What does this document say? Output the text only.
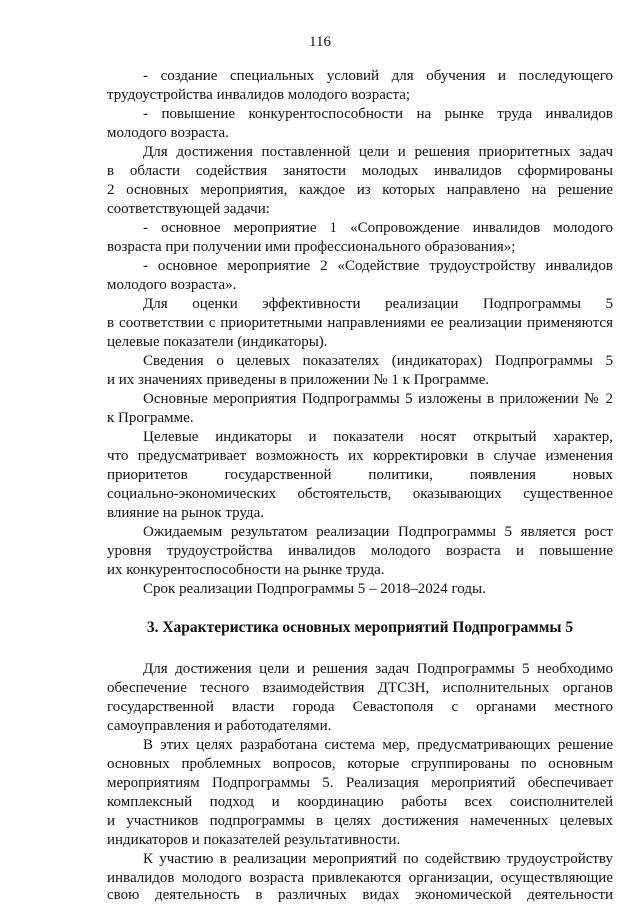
116
- создание специальных условий для обучения и последующего
трудоустройства инвалидов молодого возраста;
- повышение конкурентоспособности на рынке труда инвалидов
молодого возраста.
Для достижения поставленной цели и решения приоритетных задач
в области содействия занятости молодых инвалидов сформированы
2 основных мероприятия, каждое из которых направлено на решение
соответствующей задачи:
- основное мероприятие 1 «Сопровождение инвалидов молодого
возраста при получении ими профессионального образования»;
- основное мероприятие 2 «Содействие трудоустройству инвалидов
молодого возраста».
Для оценки эффективности реализации Подпрограммы 5
в соответствии с приоритетными направлениями ее реализации применяются
целевые показатели (индикаторы).
Сведения о целевых показателях (индикаторах) Подпрограммы 5
и их значениях приведены в приложении № 1 к Программе.
Основные мероприятия Подпрограммы 5 изложены в приложении № 2
к Программе.
Целевые индикаторы и показатели носят открытый характер,
что предусматривает возможность их корректировки в случае изменения
приоритетов государственной политики, появления новых
социально-экономических обстоятельств, оказывающих существенное
влияние на рынок труда.
Ожидаемым результатом реализации Подпрограммы 5 является рост
уровня трудоустройства инвалидов молодого возраста и повышение
их конкурентоспособности на рынке труда.
Срок реализации Подпрограммы 5 – 2018–2024 годы.
3. Характеристика основных мероприятий Подпрограммы 5
Для достижения цели и решения задач Подпрограммы 5 необходимо
обеспечение тесного взаимодействия ДТСЗН, исполнительных органов
государственной власти города Севастополя с органами местного
самоуправления и работодателями.
В этих целях разработана система мер, предусматривающих решение
основных проблемных вопросов, которые сгруппированы по основным
мероприятиям Подпрограммы 5. Реализация мероприятий обеспечивает
комплексный подход и координацию работы всех соисполнителей
и участников подпрограммы в целях достижения намеченных целевых
индикаторов и показателей результативности.
К участию в реализации мероприятий по содействию трудоустройству
инвалидов молодого возраста привлекаются организации, осуществляющие
свою деятельность в различных видах экономической деятельности
